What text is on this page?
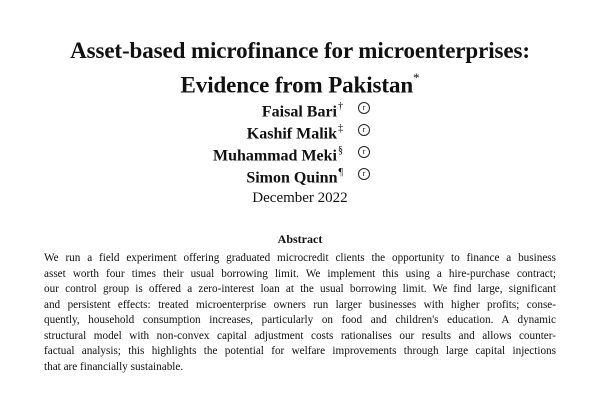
Asset-based microfinance for microenterprises:
Evidence from Pakistan*
Faisal Bari†	r
Kashif Malik‡	r
Muhammad Meki§	r
Simon Quinn¶	r
December 2022
Abstract
We run a field experiment offering graduated microcredit clients the opportunity to finance a business
asset worth four times their usual borrowing limit. We implement this using a hire-purchase contract;
our control group is offered a zero-interest loan at the usual borrowing limit. We find large, significant
and persistent effects: treated microenterprise owners run larger businesses with higher profits; conse-
quently, household consumption increases, particularly on food and children's education. A dynamic
structural model with non-convex capital adjustment costs rationalises our results and allows counter-
factual analysis; this highlights the potential for welfare improvements through large capital injections
that are financially sustainable.
